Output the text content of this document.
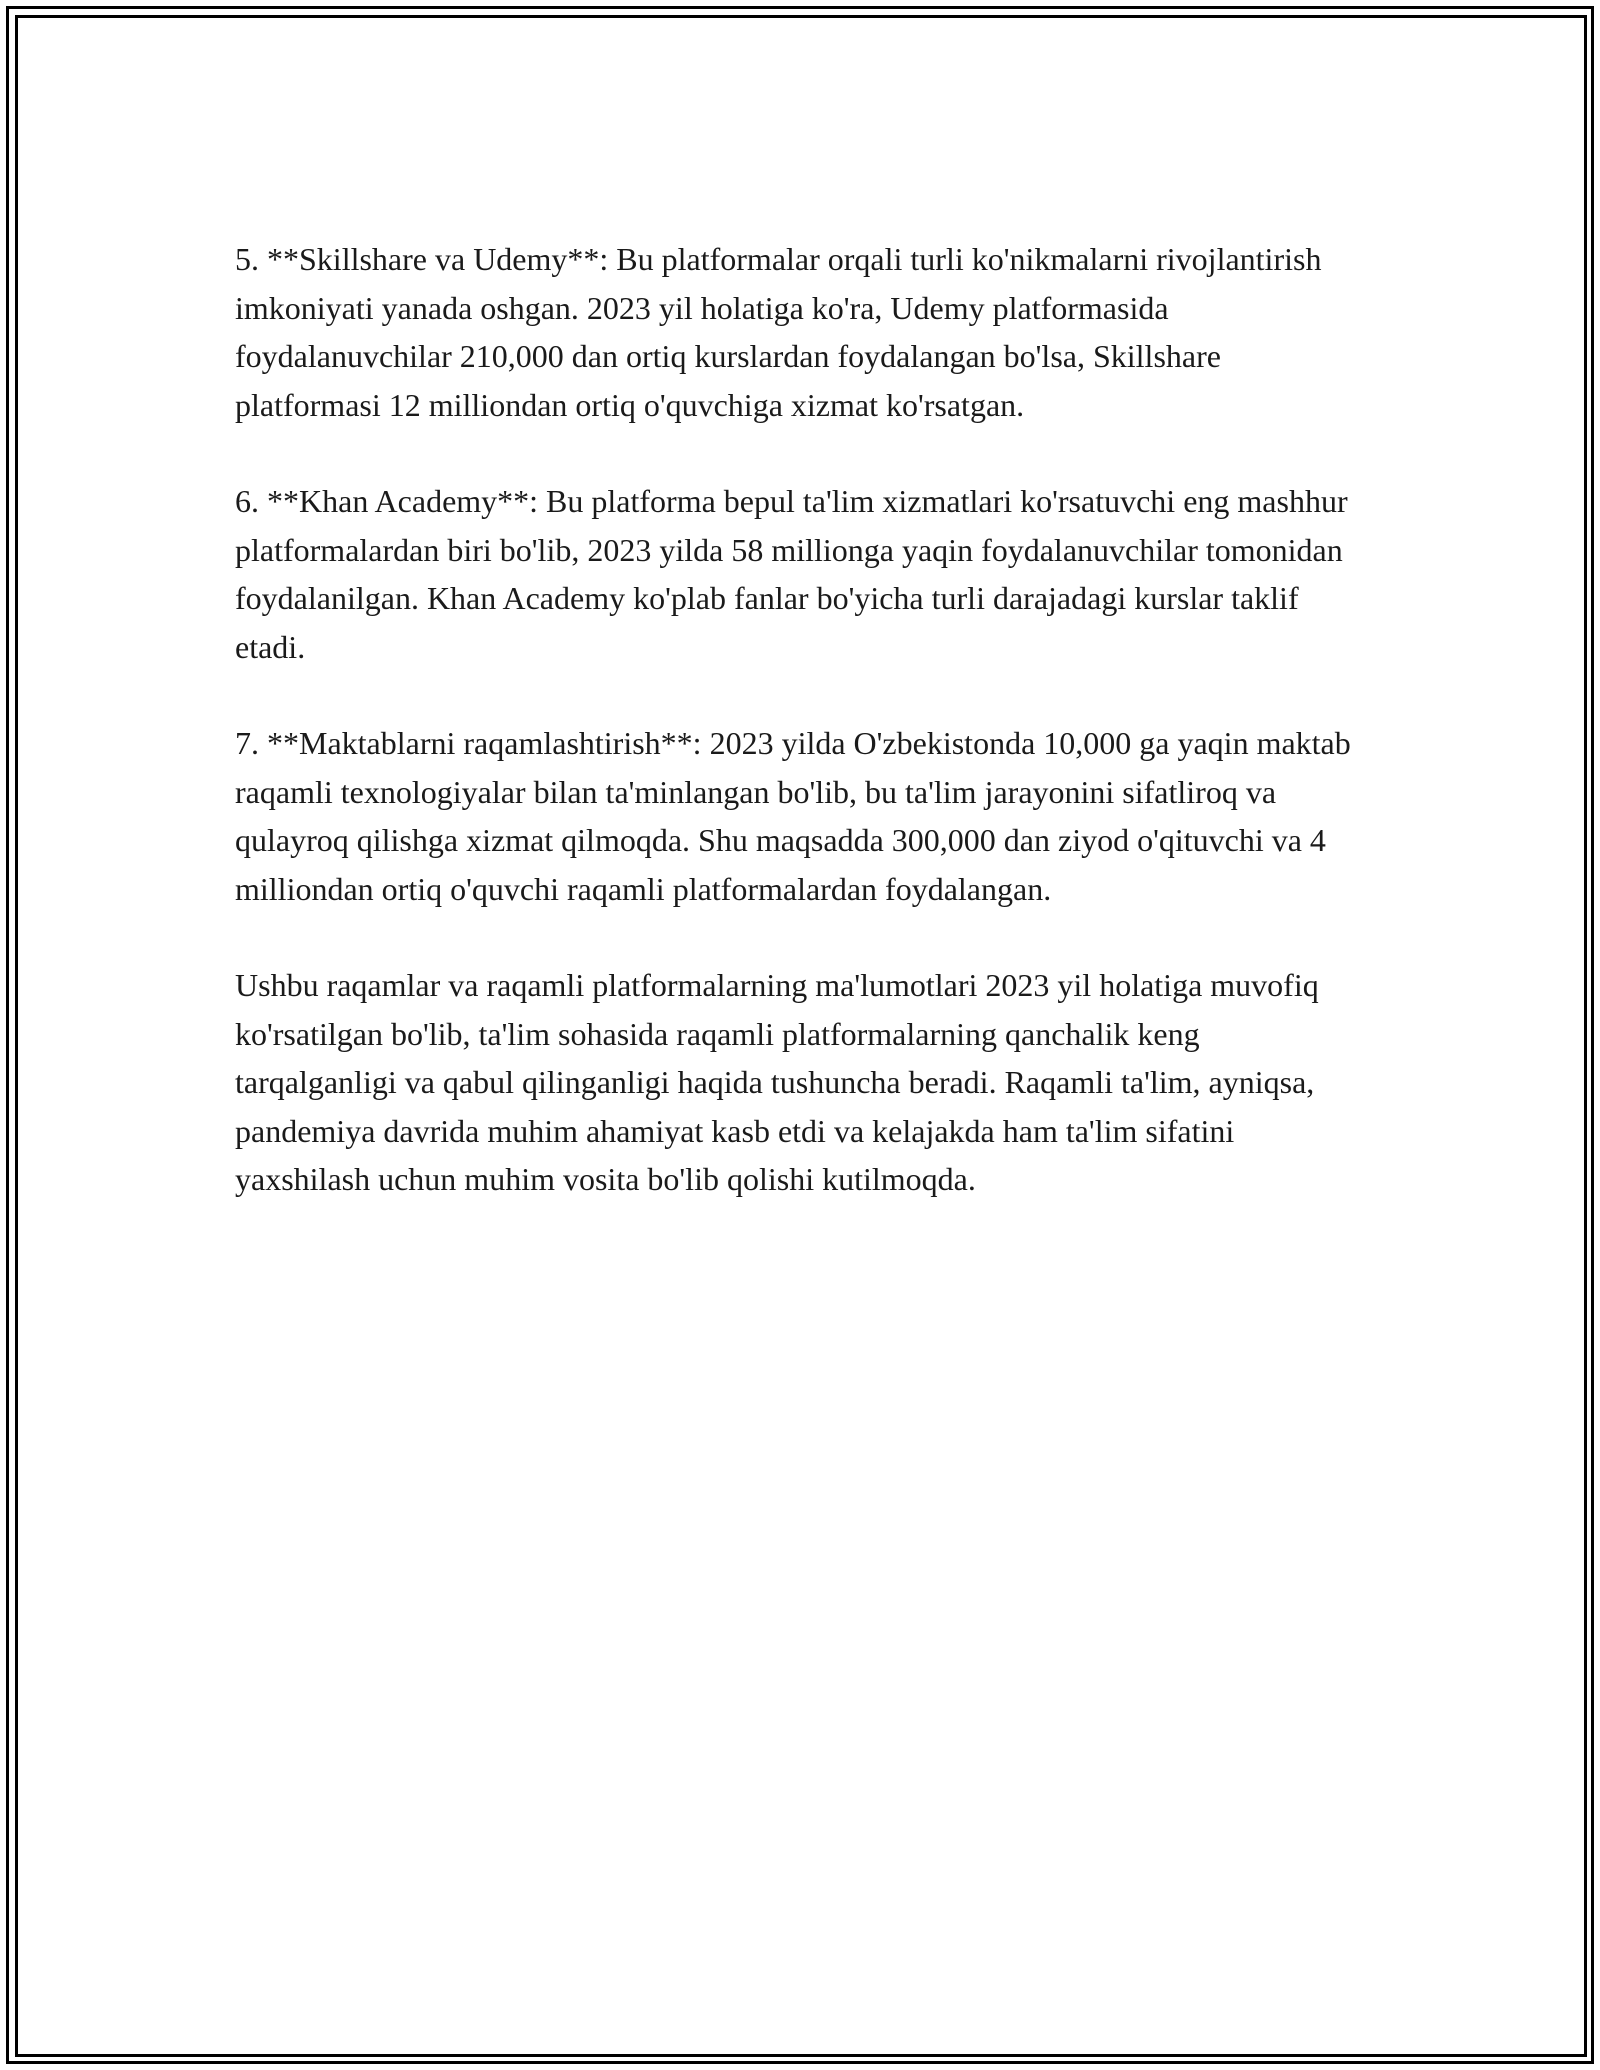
5. **Skillshare va Udemy**: Bu platformalar orqali turli ko'nikmalarni rivojlantirish imkoniyati yanada oshgan. 2023 yil holatiga ko'ra, Udemy platformasida foydalanuvchilar 210,000 dan ortiq kurslardan foydalangan bo'lsa, Skillshare platformasi 12 milliondan ortiq o'quvchiga xizmat ko'rsatgan.

6. **Khan Academy**: Bu platforma bepul ta'lim xizmatlari ko'rsatuvchi eng mashhur platformalardan biri bo'lib, 2023 yilda 58 millionga yaqin foydalanuvchilar tomonidan foydalanilgan. Khan Academy ko'plab fanlar bo'yicha turli darajadagi kurslar taklif etadi.

7. **Maktablarni raqamlashtirish**: 2023 yilda O'zbekistonda 10,000 ga yaqin maktab raqamli texnologiyalar bilan ta'minlangan bo'lib, bu ta'lim jarayonini sifatliroq va qulayroq qilishga xizmat qilmoqda. Shu maqsadda 300,000 dan ziyod o'qituvchi va 4 milliondan ortiq o'quvchi raqamli platformalardan foydalangan.

Ushbu raqamlar va raqamli platformalarning ma'lumotlari 2023 yil holatiga muvofiq ko'rsatilgan bo'lib, ta'lim sohasida raqamli platformalarning qanchalik keng tarqalganligi va qabul qilinganligi haqida tushuncha beradi. Raqamli ta'lim, ayniqsa, pandemiya davrida muhim ahamiyat kasb etdi va kelajakda ham ta'lim sifatini yaxshilash uchun muhim vosita bo'lib qolishi kutilmoqda.
